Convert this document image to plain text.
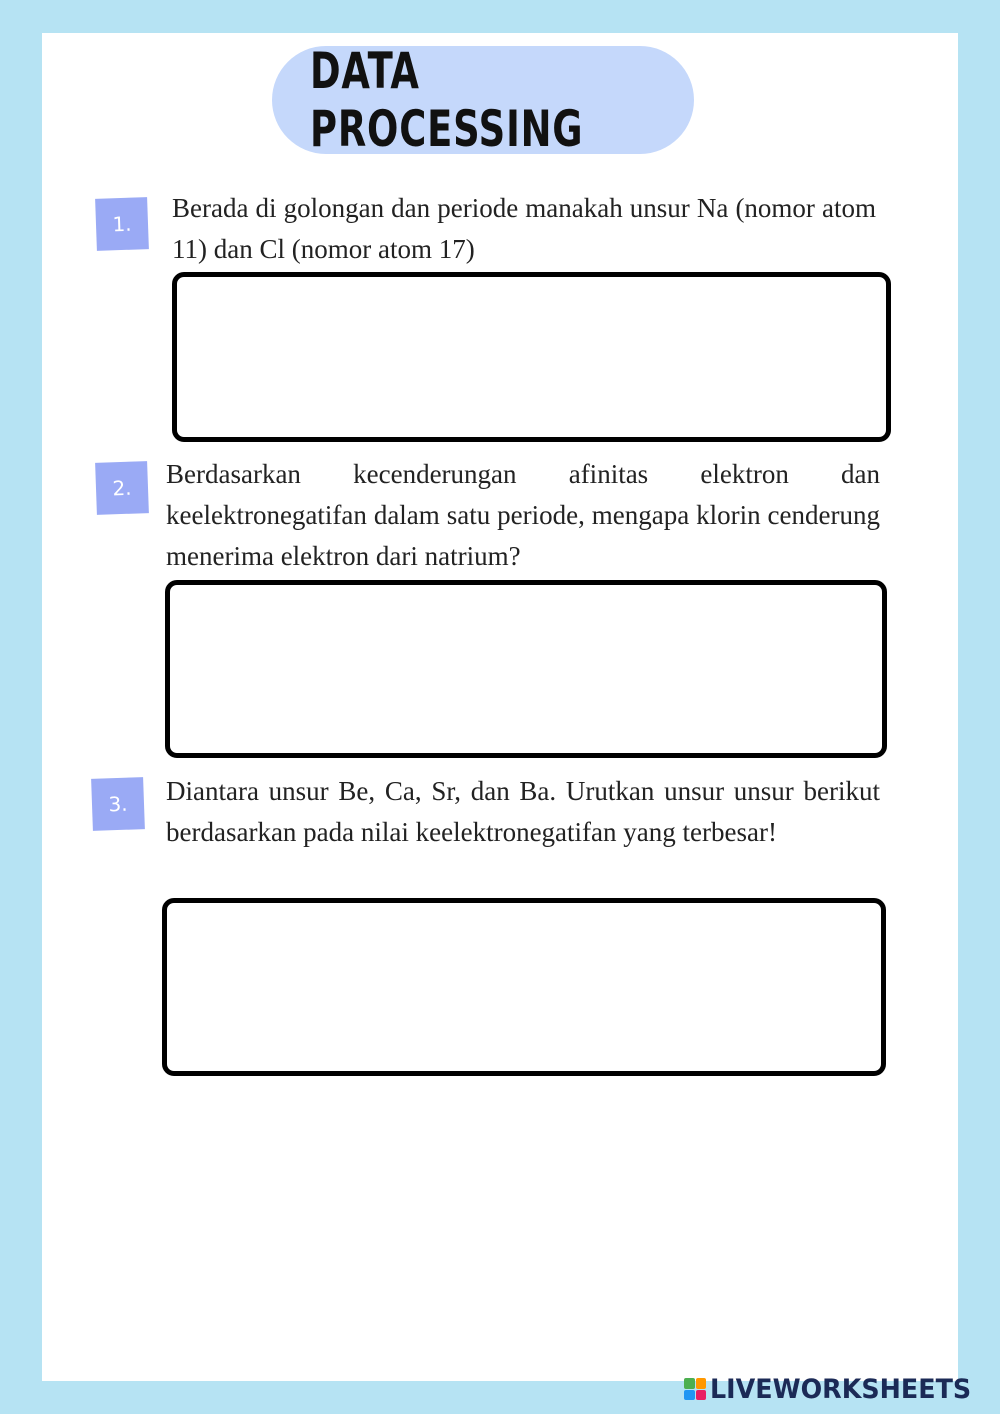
DATA PROCESSING
1.
Berada di golongan dan periode manakah unsur Na (nomor atom 11) dan Cl (nomor atom 17)
2.	Berdasarkan kecenderungan afinitas elektron dan keelektronegatifan dalam satu periode, mengapa klorin cenderung menerima elektron dari natrium?
3.	Diantara unsur Be, Ca, Sr, dan Ba. Urutkan unsur unsur berikut berdasarkan pada nilai keelektronegatifan yang terbesar!
LIVEWORKSHEETS
